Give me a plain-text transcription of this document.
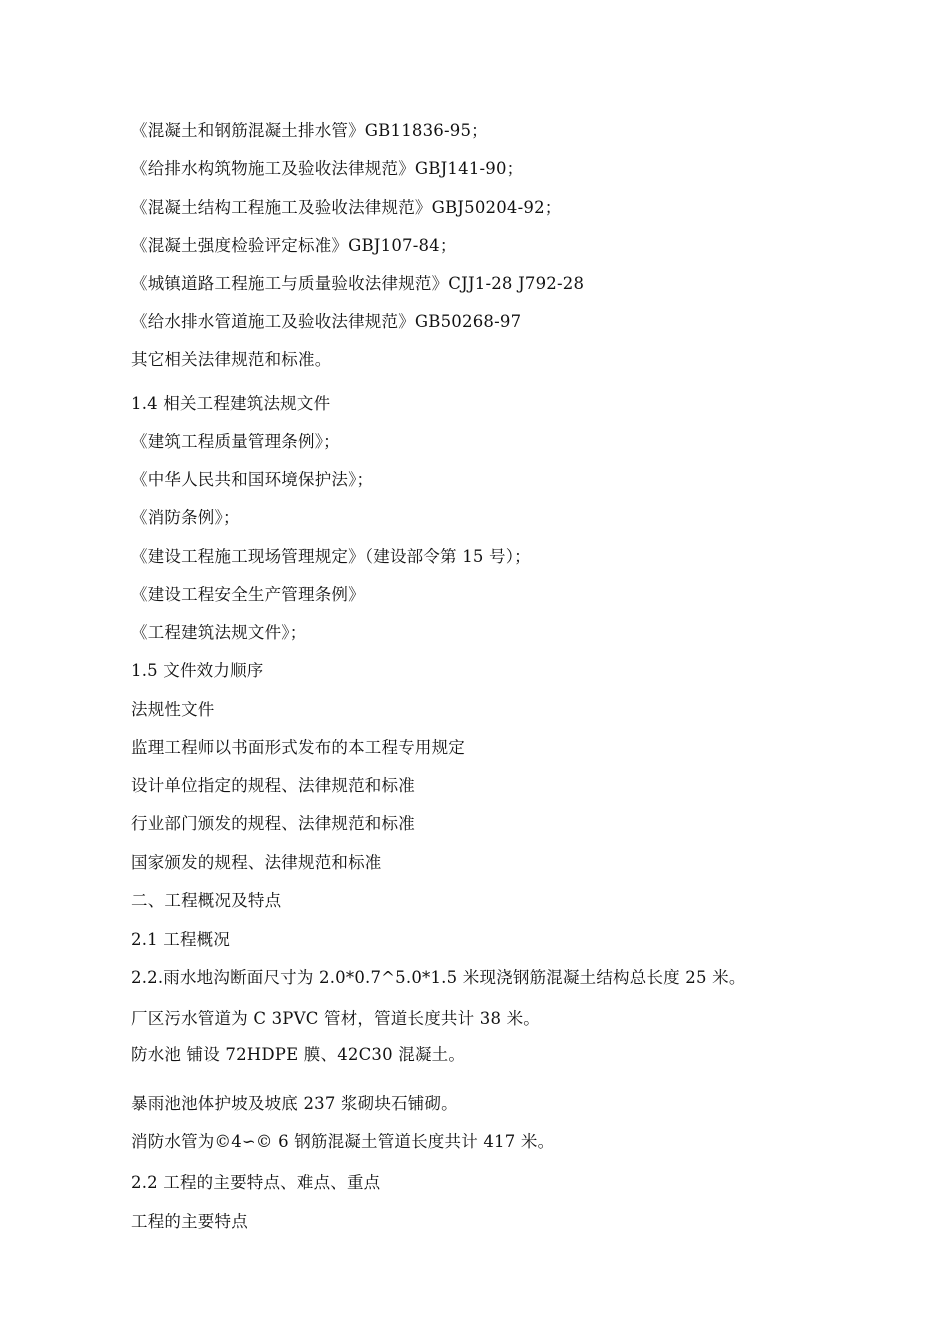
《混凝土和钢筋混凝土排水管》GB11836-95；
《给排水构筑物施工及验收法律规范》GBJ141-90；
《混凝土结构工程施工及验收法律规范》GBJ50204-92；
《混凝土强度检验评定标准》GBJ107-84；
《城镇道路工程施工与质量验收法律规范》CJJ1-28 J792-28
《给水排水管道施工及验收法律规范》GB50268-97
其它相关法律规范和标准。
1.4 相关工程建筑法规文件
《建筑工程质量管理条例》；
《中华人民共和国环境保护法》；
《消防条例》；
《建设工程施工现场管理规定》（建设部令第 15 号）；
《建设工程安全生产管理条例》
《工程建筑法规文件》；
1.5 文件效力顺序
法规性文件
监理工程师以书面形式发布的本工程专用规定
设计单位指定的规程、法律规范和标准
行业部门颁发的规程、法律规范和标准
国家颁发的规程、法律规范和标准
二、工程概况及特点
2.1 工程概况
2.2.雨水地沟断面尺寸为 2.0*0.7^5.0*1.5 米现浇钢筋混凝土结构总长度 25 米。
厂区污水管道为 C 3PVC 管材，管道长度共计 38 米。
防水池 铺设 72HDPE 膜、42C30 混凝土。
暴雨池池体护坡及坡底 237 浆砌块石铺砌。
消防水管为©4∽© 6 钢筋混凝土管道长度共计 417 米。
2.2 工程的主要特点、难点、重点
工程的主要特点
